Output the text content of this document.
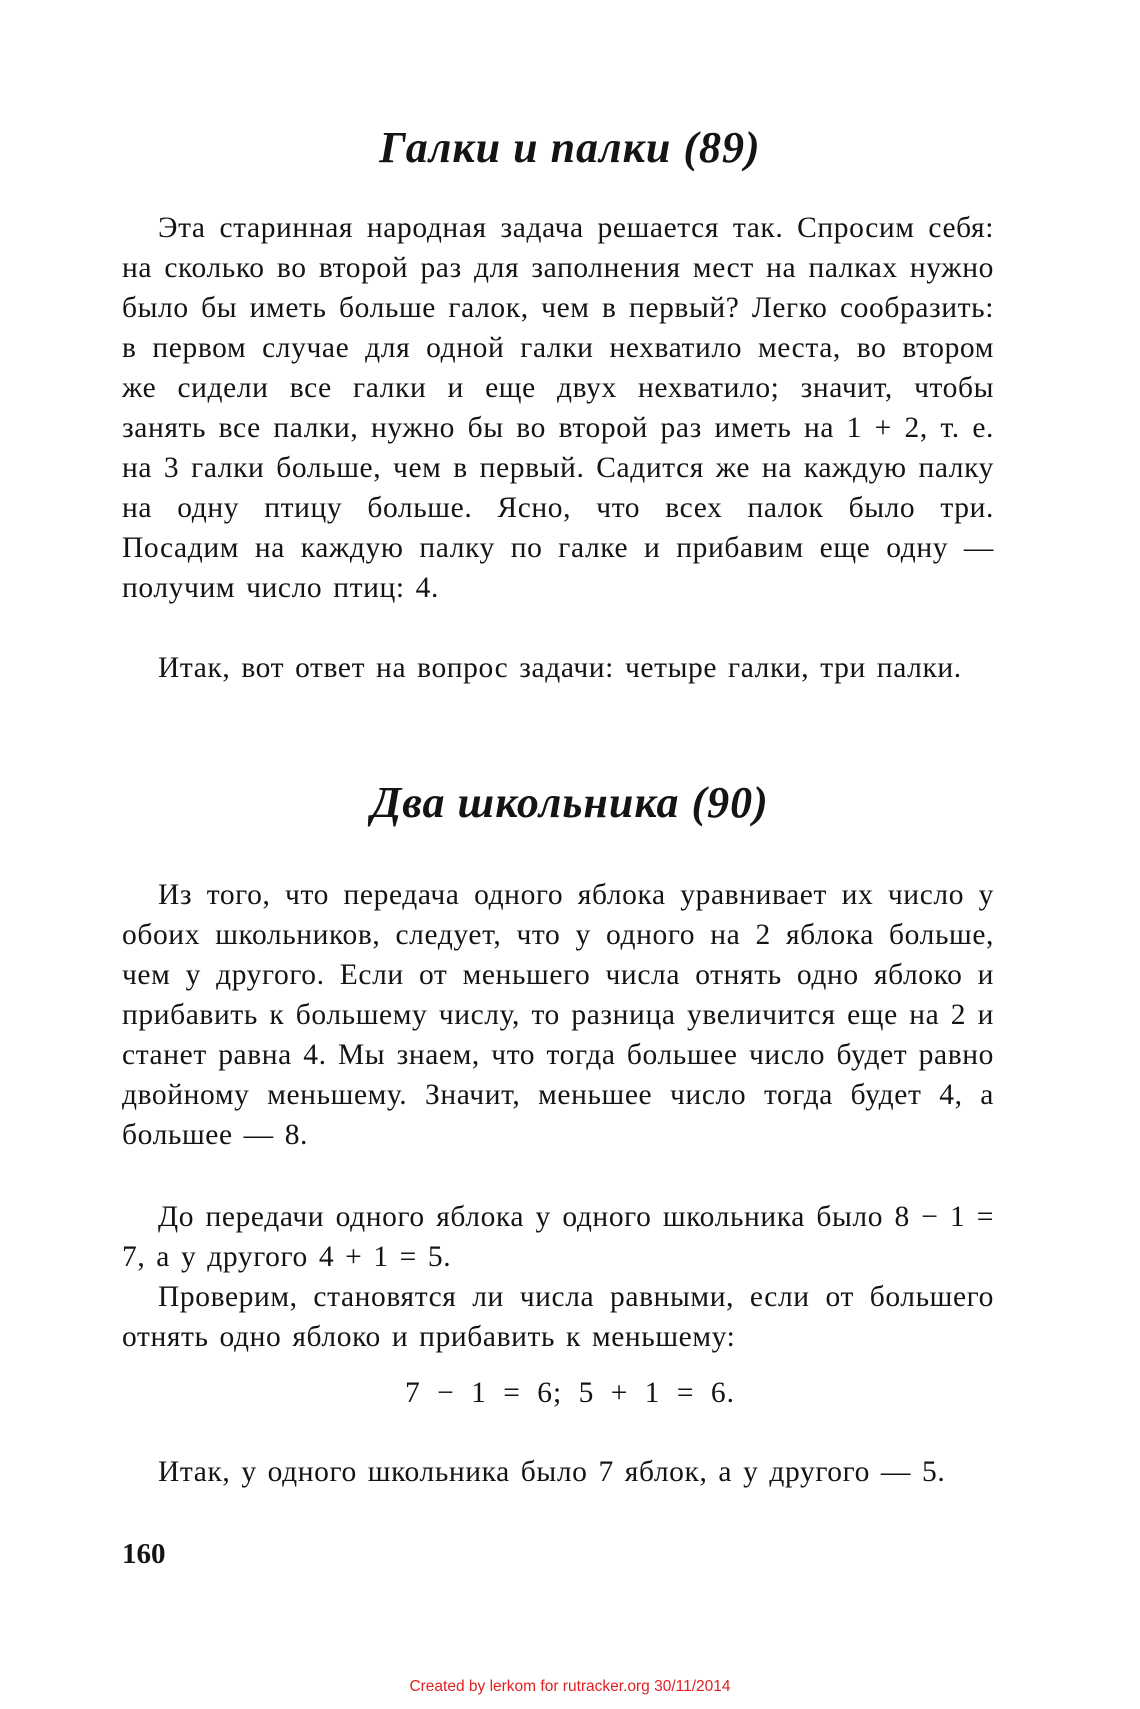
Галки и палки (89)

Эта старинная народная задача решается так. Спросим себя: на сколько во второй раз для заполнения мест на палках нужно было бы иметь больше галок, чем в первый? Легко сообразить: в первом случае для одной галки нехватило места, во втором же сидели все галки и еще двух нехватило; значит, чтобы занять все палки, нужно бы во второй раз иметь на 1 + 2, т. е. на 3 галки больше, чем в первый. Садится же на каждую палку на одну птицу больше. Ясно, что всех палок было три. Посадим на каждую палку по галке и прибавим еще одну — получим число птиц: 4.

Итак, вот ответ на вопрос задачи: четыре галки, три палки.

Два школьника (90)

Из того, что передача одного яблока уравнивает их число у обоих школьников, следует, что у одного на 2 яблока больше, чем у другого. Если от меньшего числа отнять одно яблоко и прибавить к большему числу, то разница увеличится еще на 2 и станет равна 4. Мы знаем, что тогда большее число будет равно двойному меньшему. Значит, меньшее число тогда будет 4, а большее — 8.

До передачи одного яблока у одного школьника было 8 − 1 = 7, а у другого 4 + 1 = 5.

Проверим, становятся ли числа равными, если от большего отнять одно яблоко и прибавить к меньшему:

7 − 1 = 6; 5 + 1 = 6.

Итак, у одного школьника было 7 яблок, а у другого — 5.

160

Created by lerkom for rutracker.org 30/11/2014
